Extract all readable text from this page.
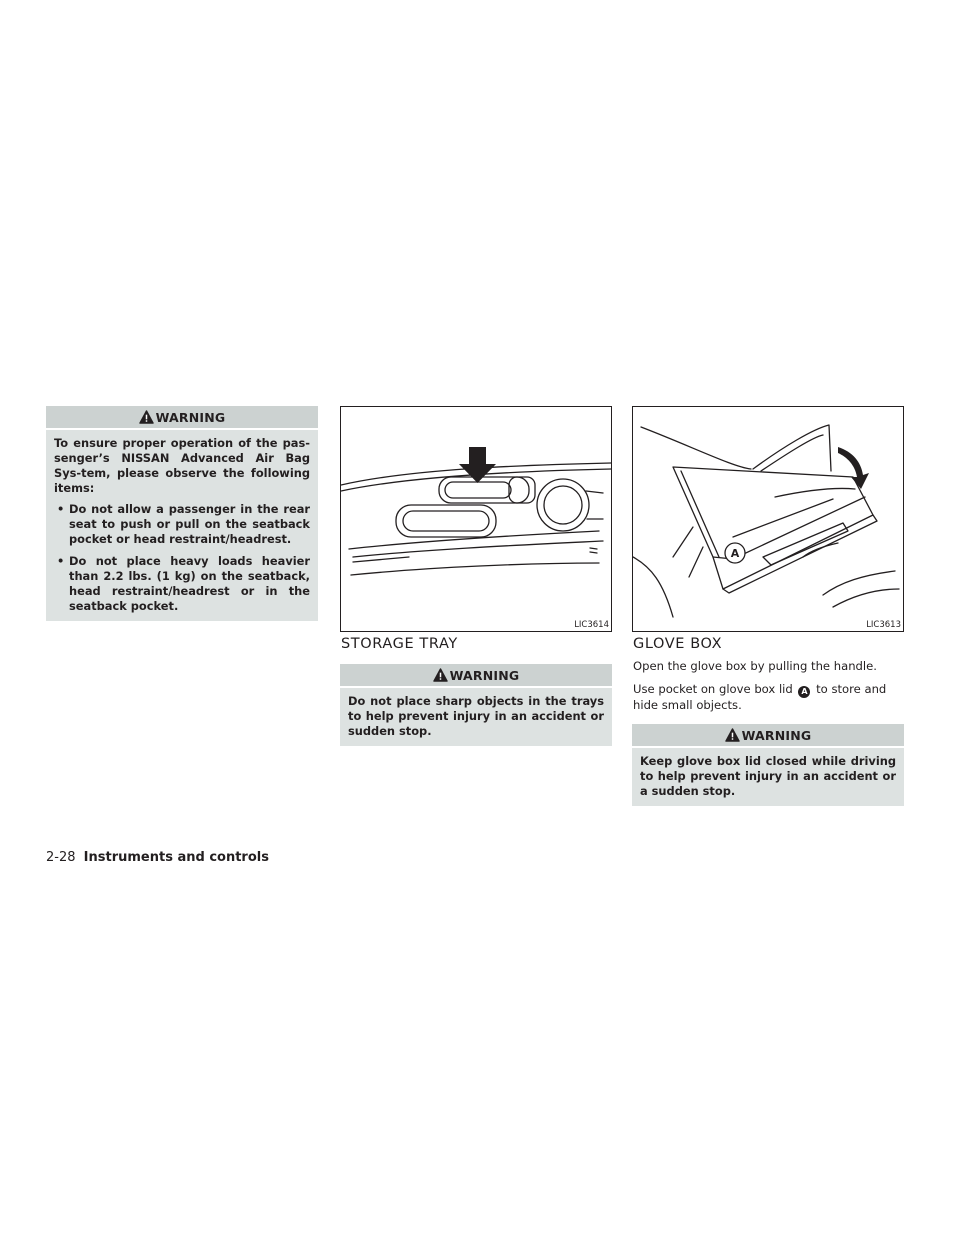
WARNING
To ensure proper operation of the pas-senger’s NISSAN Advanced Air Bag Sys-tem, please observe the following items:
• Do not allow a passenger in the rear seat to push or pull on the seatback pocket or head restraint/headrest.
• Do not place heavy loads heavier than 2.2 lbs. (1 kg) on the seatback, head restraint/headrest or in the seatback pocket.
LIC3614
A
LIC3613
STORAGE TRAY
WARNING
Do not place sharp objects in the trays to help prevent injury in an accident or sudden stop.
GLOVE BOX
Open the glove box by pulling the handle.
Use pocket on glove box lid A to store and hide small objects.
WARNING
Keep glove box lid closed while driving to help prevent injury in an accident or a sudden stop.
2-28 Instruments and controls
